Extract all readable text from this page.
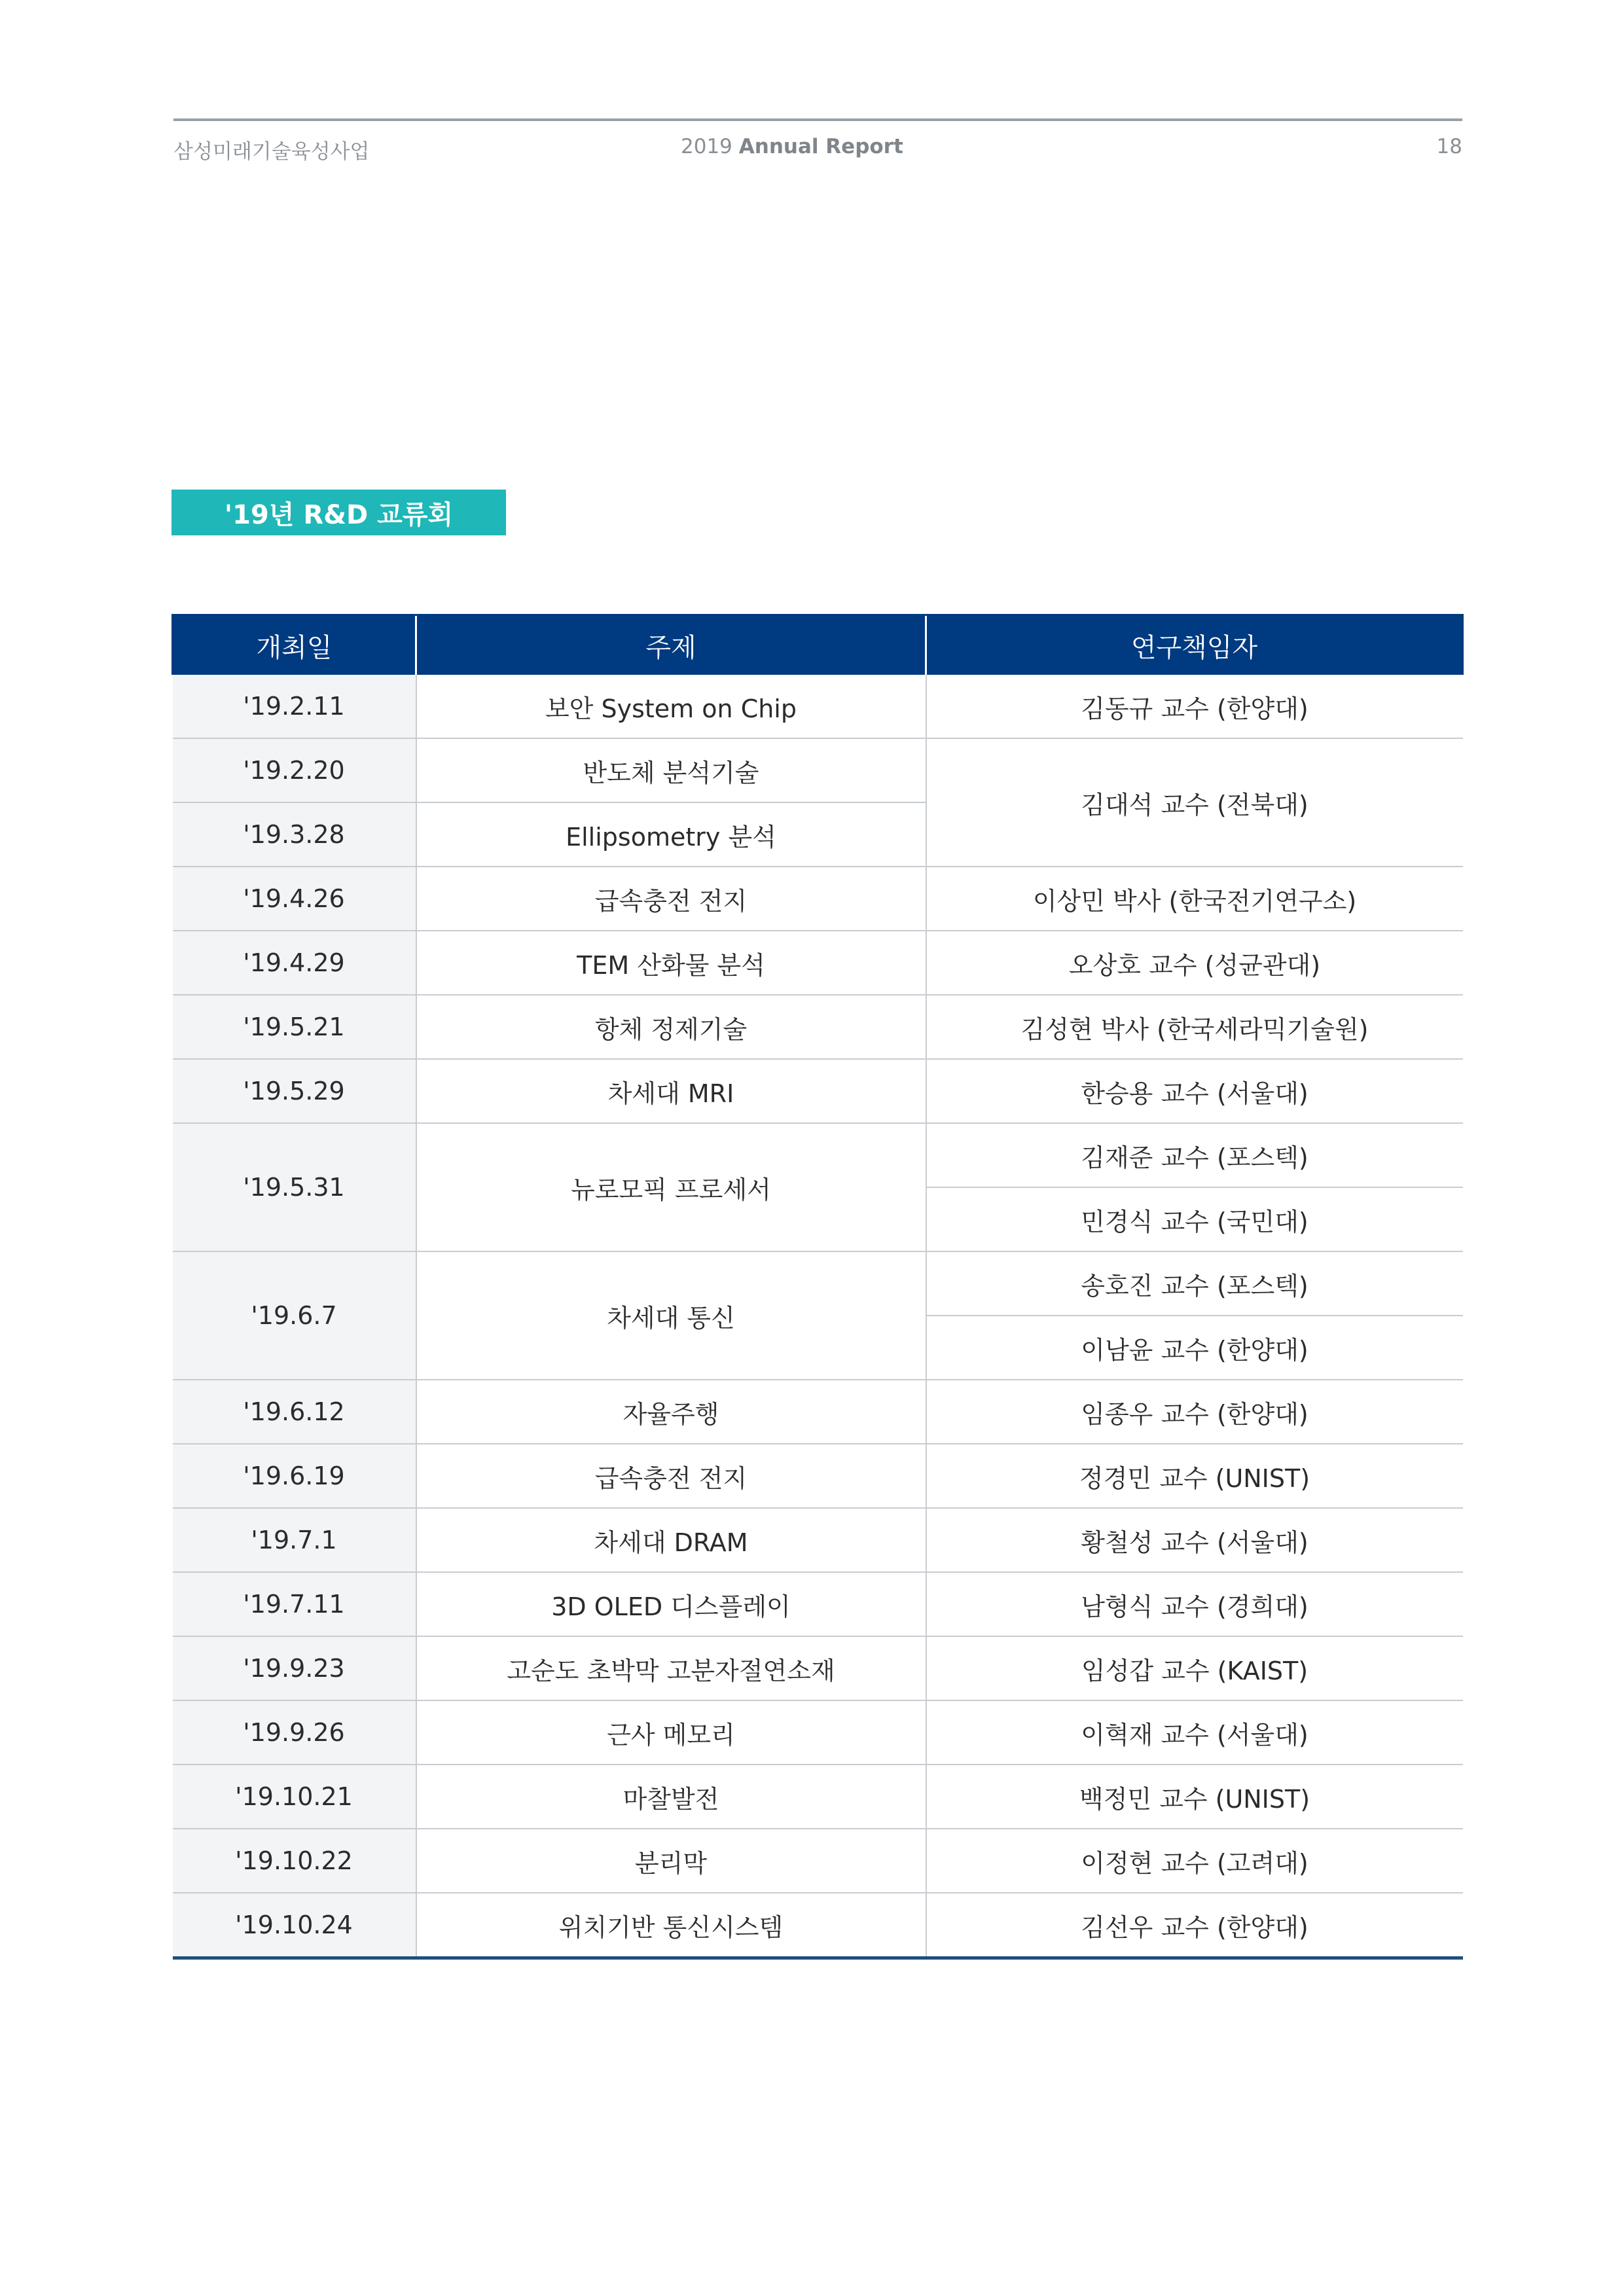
삼성미래기술육성사업	2019 Annual Report	18
'19년 R&D 교류회
개최일	주제	연구책임자
'19.2.11	보안 System on Chip	김동규 교수 (한양대)
'19.2.20	반도체 분석기술	김대석 교수 (전북대)
'19.3.28	Ellipsometry 분석	
'19.4.26	급속충전 전지	이상민 박사 (한국전기연구소)
'19.4.29	TEM 산화물 분석	오상호 교수 (성균관대)
'19.5.21	항체 정제기술	김성현 박사 (한국세라믹기술원)
'19.5.29	차세대 MRI	한승용 교수 (서울대)
'19.5.31	뉴로모픽 프로세서	김재준 교수 (포스텍)
		민경식 교수 (국민대)
'19.6.7	차세대 통신	송호진 교수 (포스텍)
		이남윤 교수 (한양대)
'19.6.12	자율주행	임종우 교수 (한양대)
'19.6.19	급속충전 전지	정경민 교수 (UNIST)
'19.7.1	차세대 DRAM	황철성 교수 (서울대)
'19.7.11	3D OLED 디스플레이	남형식 교수 (경희대)
'19.9.23	고순도 초박막 고분자절연소재	임성갑 교수 (KAIST)
'19.9.26	근사 메모리	이혁재 교수 (서울대)
'19.10.21	마찰발전	백정민 교수 (UNIST)
'19.10.22	분리막	이정현 교수 (고려대)
'19.10.24	위치기반 통신시스템	김선우 교수 (한양대)
